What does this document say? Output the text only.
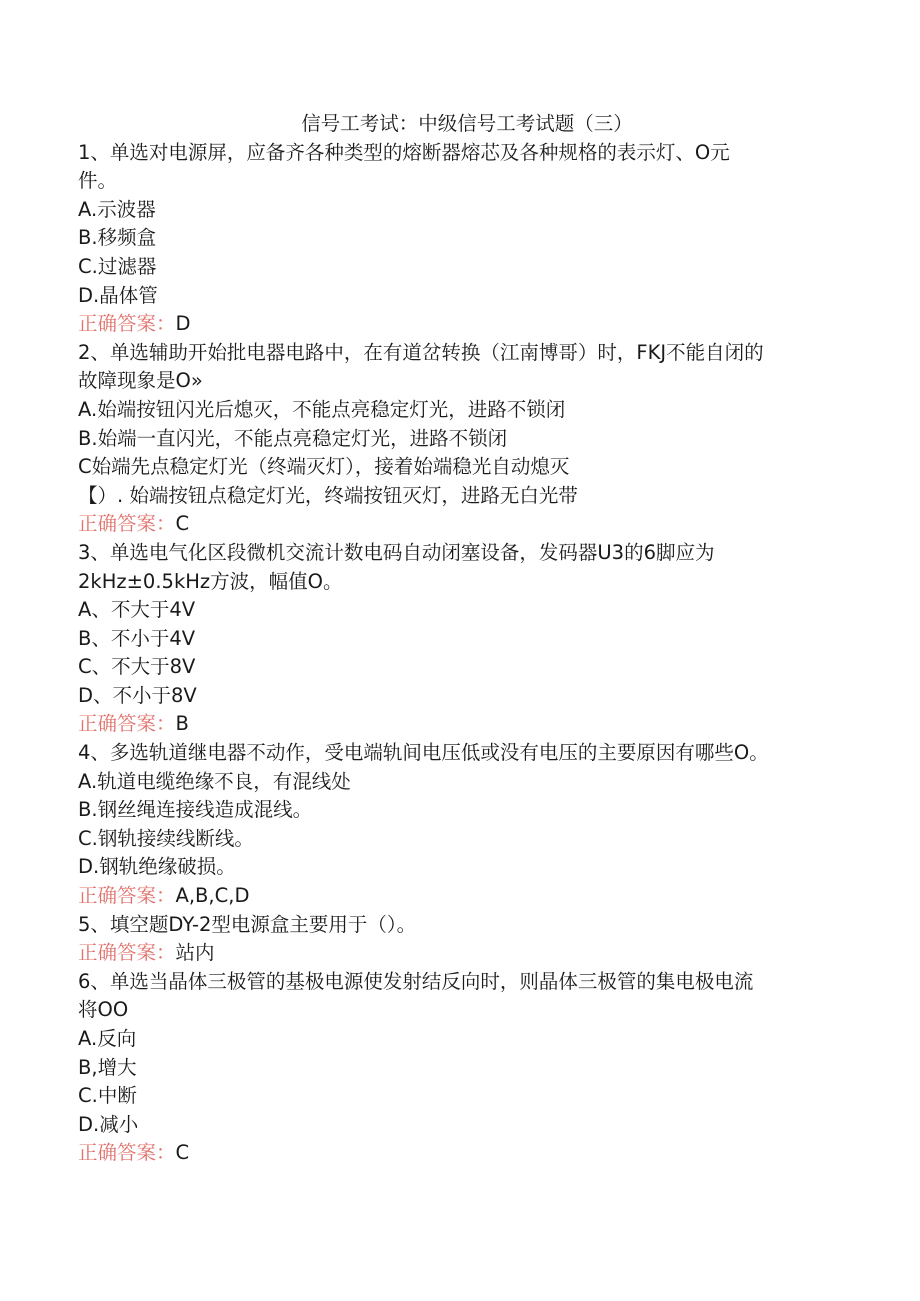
信号工考试：中级信号工考试题（三）
1、单选对电源屏，应备齐各种类型的熔断器熔芯及各种规格的表示灯、O元
件。
A.示波器
B.移频盒
C.过滤器
D.晶体管
正确答案：D
2、单选辅助开始批电器电路中，在有道岔转换（江南博哥）时，FKJ不能自闭的
故障现象是O»
A.始端按钮闪光后熄灭，不能点亮稳定灯光，进路不锁闭
B.始端一直闪光，不能点亮稳定灯光，进路不锁闭
C始端先点稳定灯光（终端灭灯），接着始端稳光自动熄灭
【）. 始端按钮点稳定灯光，终端按钮灭灯，进路无白光带
正确答案：C
3、单选电气化区段微机交流计数电码自动闭塞设备，发码器U3的6脚应为
2kHz±0.5kHz方波，幅值O。
A、不大于4V
B、不小于4V
C、不大于8V
D、不小于8V
正确答案：B
4、多选轨道继电器不动作，受电端轨间电压低或没有电压的主要原因有哪些O。
A.轨道电缆绝缘不良，有混线处
B.钢丝绳连接线造成混线。
C.钢轨接续线断线。
D.钢轨绝缘破损。
正确答案：A,B,C,D
5、填空题DY-2型电源盒主要用于（）。
正确答案：站内
6、单选当晶体三极管的基极电源使发射结反向时，则晶体三极管的集电极电流
将OO
A.反向
B,增大
C.中断
D.减小
正确答案：C
